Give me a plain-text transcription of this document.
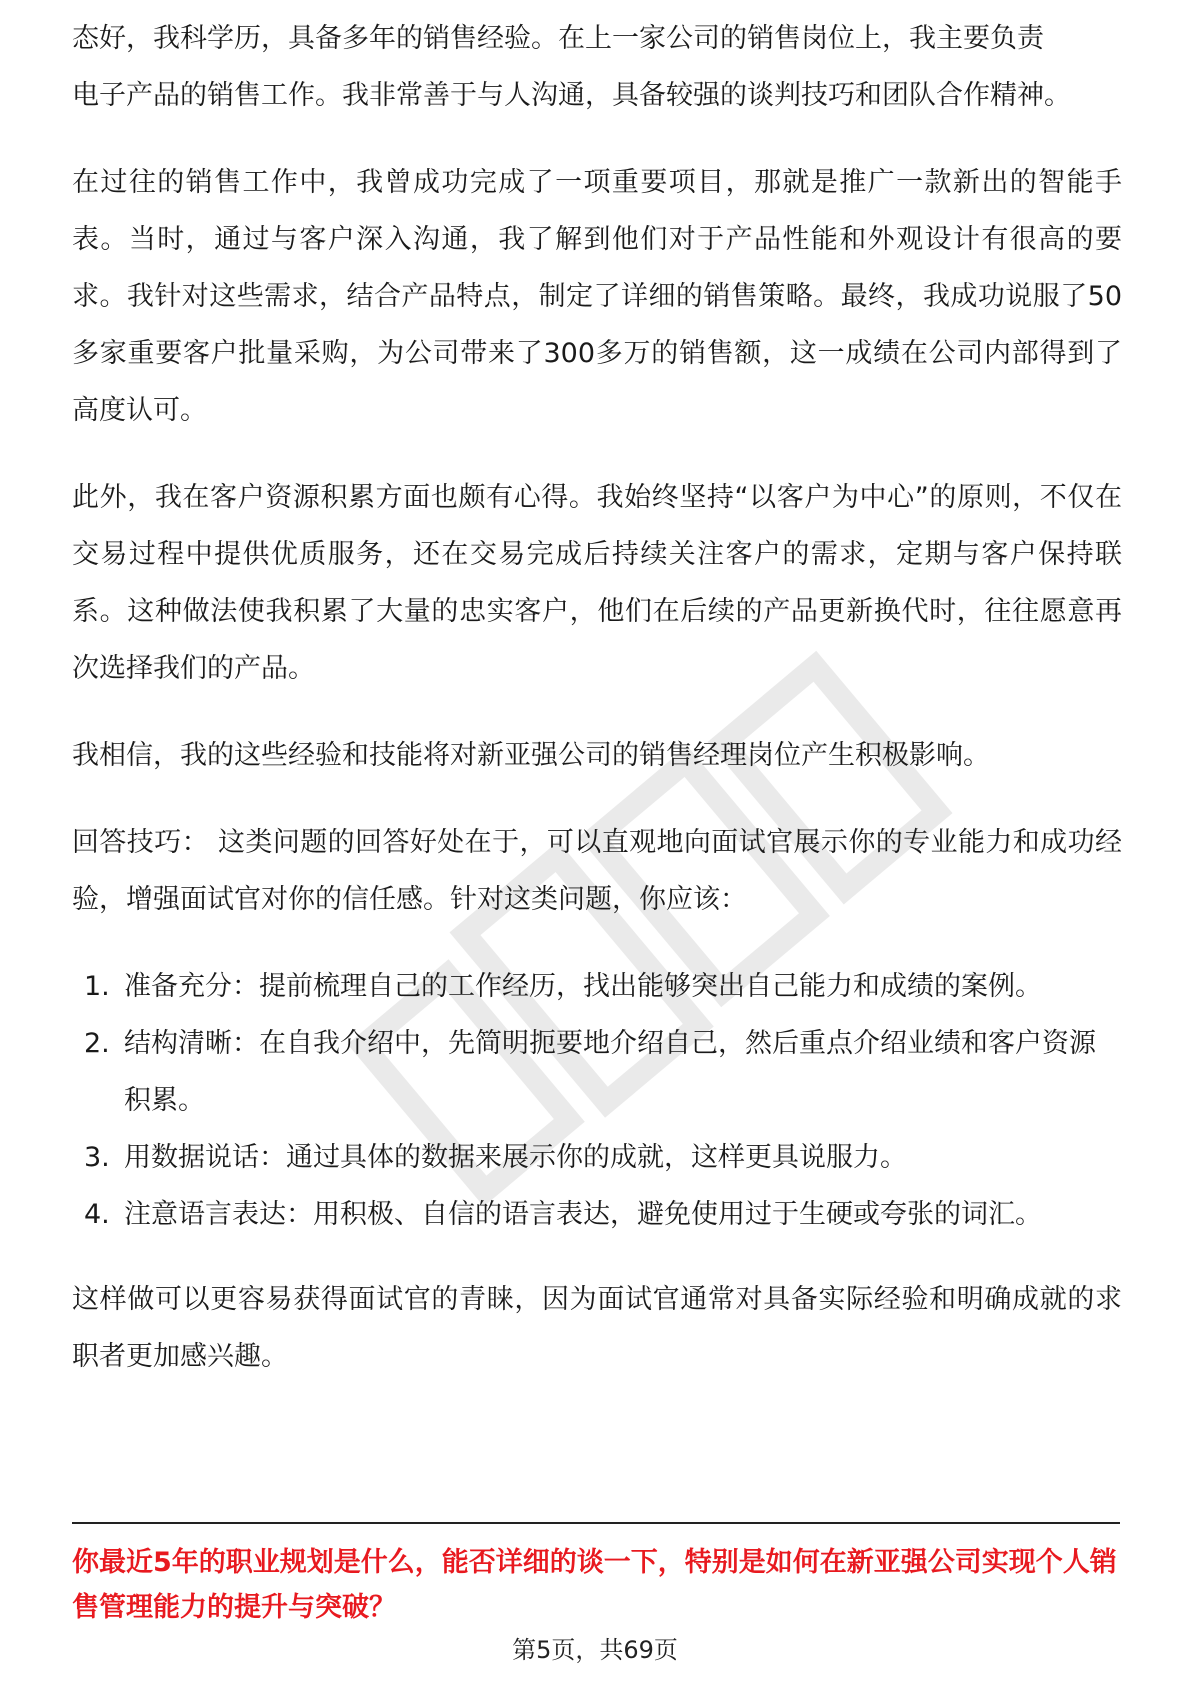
态好，我科学历，具备多年的销售经验。在上一家公司的销售岗位上，我主要负责
电子产品的销售工作。我非常善于与人沟通，具备较强的谈判技巧和团队合作精神。

在过往的销售工作中，我曾成功完成了一项重要项目，那就是推广一款新出的智能手表。当时，通过与客户深入沟通，我了解到他们对于产品性能和外观设计有很高的要求。我针对这些需求，结合产品特点，制定了详细的销售策略。最终，我成功说服了50多家重要客户批量采购，为公司带来了300多万的销售额，这一成绩在公司内部得到了高度认可。

此外，我在客户资源积累方面也颇有心得。我始终坚持“以客户为中心”的原则，不仅在交易过程中提供优质服务，还在交易完成后持续关注客户的需求，定期与客户保持联系。这种做法使我积累了大量的忠实客户，他们在后续的产品更新换代时，往往愿意再次选择我们的产品。

我相信，我的这些经验和技能将对新亚强公司的销售经理岗位产生积极影响。

回答技巧： 这类问题的回答好处在于，可以直观地向面试官展示你的专业能力和成功经验，增强面试官对你的信任感。针对这类问题，你应该：

1. 准备充分：提前梳理自己的工作经历，找出能够突出自己能力和成绩的案例。
2. 结构清晰：在自我介绍中，先简明扼要地介绍自己，然后重点介绍业绩和客户资源积累。
3. 用数据说话：通过具体的数据来展示你的成就，这样更具说服力。
4. 注意语言表达：用积极、自信的语言表达，避免使用过于生硬或夸张的词汇。

这样做可以更容易获得面试官的青睐，因为面试官通常对具备实际经验和明确成就的求职者更加感兴趣。

你最近5年的职业规划是什么，能否详细的谈一下，特别是如何在新亚强公司实现个人销售管理能力的提升与突破？
第5页，共69页
